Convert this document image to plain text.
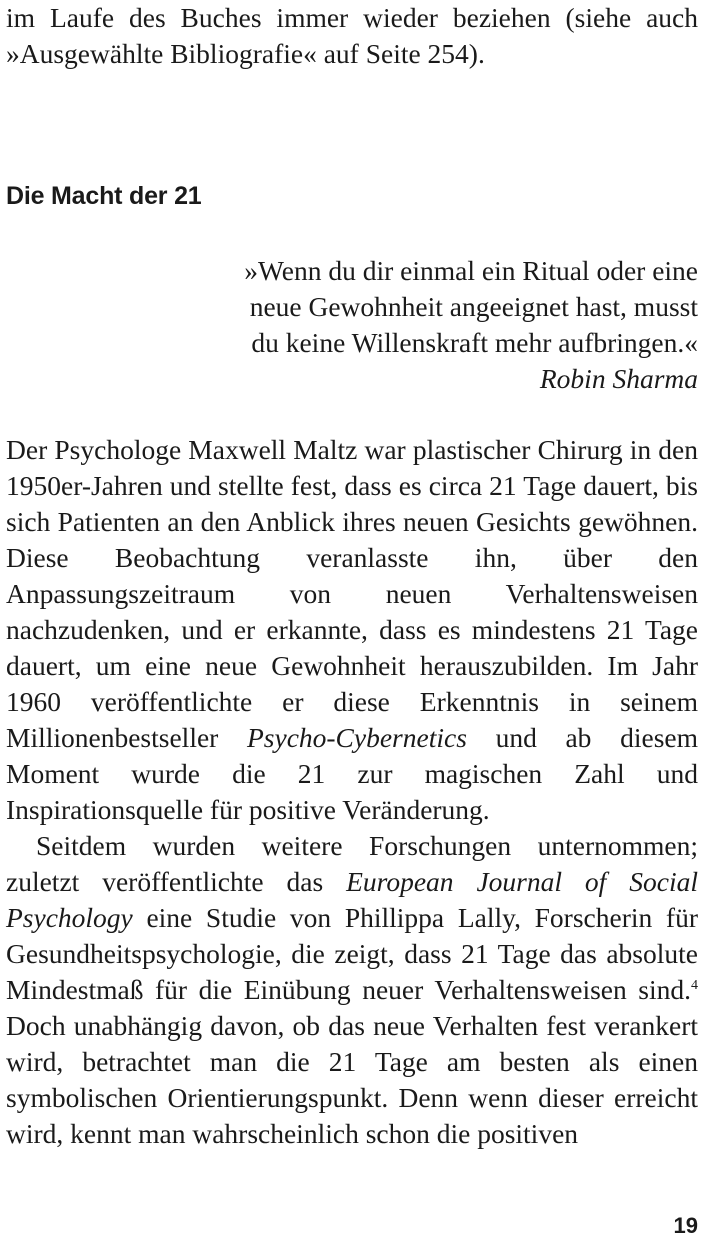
im Laufe des Buches immer wieder beziehen (siehe auch
»Ausgewählte Bibliografie« auf Seite 254).
Die Macht der 21
»Wenn du dir einmal ein Ritual oder eine
neue Gewohnheit angeeignet hast, musst
du keine Willenskraft mehr aufbringen.«
Robin Sharma

Der Psychologe Maxwell Maltz war plastischer Chirurg in den 1950er-Jahren und stellte fest, dass es circa 21 Tage dauert, bis sich Patienten an den Anblick ihres neuen Gesichts gewöhnen. Diese Beobachtung veranlasste ihn, über den Anpassungszeitraum von neuen Verhaltensweisen nachzudenken, und er erkannte, dass es mindestens 21 Tage dauert, um eine neue Gewohnheit herauszubilden. Im Jahr 1960 veröffentlichte er diese Erkenntnis in seinem Millionenbestseller Psycho-Cybernetics und ab diesem Moment wurde die 21 zur magischen Zahl und Inspirationsquelle für positive Veränderung.

Seitdem wurden weitere Forschungen unternommen; zuletzt veröffentlichte das European Journal of Social Psychology eine Studie von Phillippa Lally, Forscherin für Gesundheitspsychologie, die zeigt, dass 21 Tage das absolute Mindestmaß für die Einübung neuer Verhaltensweisen sind.$^4$ Doch unabhängig davon, ob das neue Verhalten fest verankert wird, betrachtet man die 21 Tage am besten als einen symbolischen Orientierungspunkt. Denn wenn dieser erreicht wird, kennt man wahrscheinlich schon die positiven

19
